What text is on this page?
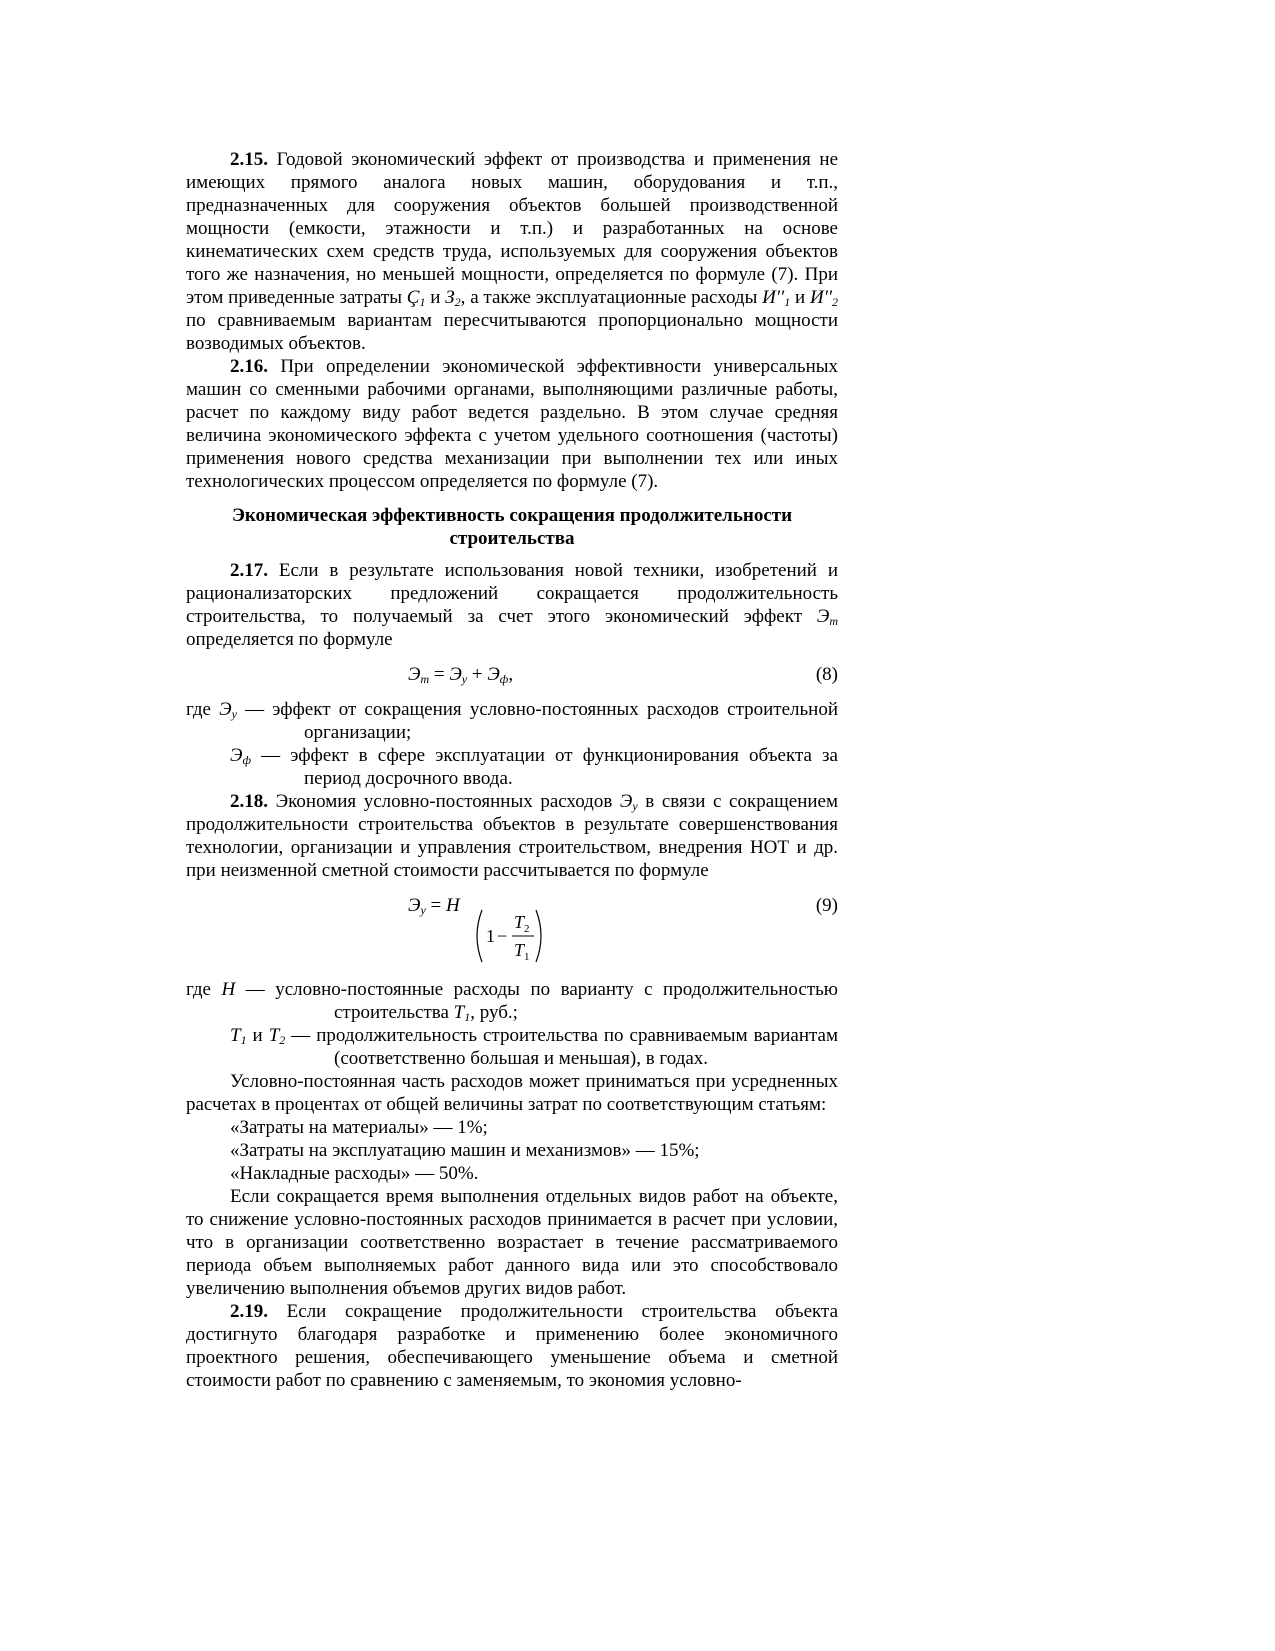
2.15. Годовой экономический эффект от производства и применения не имеющих прямого аналога новых машин, оборудования и т.п., предназначенных для сооружения объектов большей производственной мощности (емкости, этажности и т.п.) и разработанных на основе кинематических схем средств труда, используемых для сооружения объектов того же назначения, но меньшей мощности, определяется по формуле (7). При этом приведенные затраты $Ç_1$ и $З_2$, а также эксплуатационные расходы $И''_1$ и $И''_2$ по сравниваемым вариантам пересчитываются пропорционально мощности возводимых объектов.

2.16. При определении экономической эффективности универсальных машин со сменными рабочими органами, выполняющими различные работы, расчет по каждому виду работ ведется раздельно. В этом случае средняя величина экономического эффекта с учетом удельного соотношения (частоты) применения нового средства механизации при выполнении тех или иных технологических процессом определяется по формуле (7).

Экономическая эффективность сокращения продолжительности строительства

2.17. Если в результате использования новой техники, изобретений и рационализаторских предложений сокращается продолжительность строительства, то получаемый за счет этого экономический эффект $Э_т$ определяется по формуле

$Э_т = Э_у + Э_ф$,	(8)

где $Э_у$ — эффект от сокращения условно-постоянных расходов строительной организации;

$Э_ф$ — эффект в сфере эксплуатации от функционирования объекта за период досрочного ввода.

2.18. Экономия условно-постоянных расходов $Э_у$ в связи с сокращением продолжительности строительства объектов в результате совершенствования технологии, организации и управления строительством, внедрения НОТ и др. при неизменной сметной стоимости рассчитывается по формуле

$Э_у = Н$
1 −
T 2
T 1
(9)

где Н — условно-постоянные расходы по варианту с продолжительностью строительства $Т_1$, руб.;

$Т_1$ и $Т_2$ — продолжительность строительства по сравниваемым вариантам (соответственно большая и меньшая), в годах.

Условно-постоянная часть расходов может приниматься при усредненных расчетах в процентах от общей величины затрат по соответствующим статьям:

«Затраты на материалы» — 1%;

«Затраты на эксплуатацию машин и механизмов» — 15%;

«Накладные расходы» — 50%.

Если сокращается время выполнения отдельных видов работ на объекте, то снижение условно-постоянных расходов принимается в расчет при условии, что в организации соответственно возрастает в течение рассматриваемого периода объем выполняемых работ данного вида или это способствовало увеличению выполнения объемов других видов работ.

2.19. Если сокращение продолжительности строительства объекта достигнуто благодаря разработке и применению более экономичного проектного решения, обеспечивающего уменьшение объема и сметной стоимости работ по сравнению с заменяемым, то экономия условно-
